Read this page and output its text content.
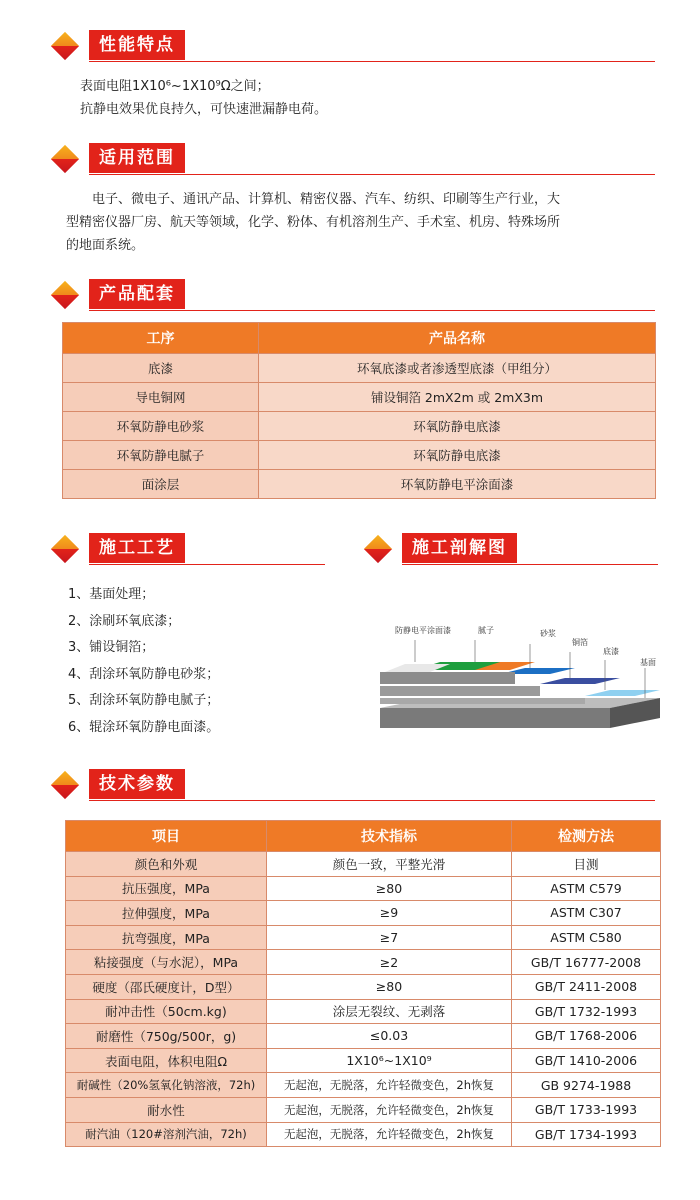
性能特点
表面电阻1X10⁶~1X10⁹Ω之间；
抗静电效果优良持久，可快速泄漏静电荷。
适用范围
电子、微电子、通讯产品、计算机、精密仪器、汽车、纺织、印刷等生产行业，大
型精密仪器厂房、航天等领域，化学、粉体、有机溶剂生产、手术室、机房、特殊场所
的地面系统。
产品配套
工序	产品名称
底漆	环氧底漆或者渗透型底漆（甲组分）
导电铜网	铺设铜箔 2mX2m 或 2mX3m
环氧防静电砂浆	环氧防静电底漆
环氧防静电腻子	环氧防静电底漆
面涂层	环氧防静电平涂面漆
施工工艺
1、基面处理；
2、涂刷环氧底漆；
3、铺设铜箔；
4、刮涂环氧防静电砂浆；
5、刮涂环氧防静电腻子；
6、辊涂环氧防静电面漆。
施工剖解图
防静电平涂面漆	腻子	砂浆
铜箔
底漆
基面
技术参数
项目	技术指标	检测方法
颜色和外观	颜色一致，平整光滑	目测
抗压强度，MPa	≥80	ASTM C579
拉伸强度，MPa	≥9	ASTM C307
抗弯强度，MPa	≥7	ASTM C580
粘接强度（与水泥），MPa	≥2	GB/T 16777-2008
硬度（邵氏硬度计，D型）	≥80	GB/T 2411-2008
耐冲击性（50cm.kg)	涂层无裂纹、无剥落	GB/T 1732-1993
耐磨性（750g/500r，g)	≤0.03	GB/T 1768-2006
表面电阻，体积电阻Ω	1X10⁶~1X10⁹	GB/T 1410-2006
耐碱性（20%氢氧化钠溶液，72h)	无起泡，无脱落，允许轻微变色，2h恢复	GB 9274-1988
耐水性	无起泡，无脱落，允许轻微变色，2h恢复	GB/T 1733-1993
耐汽油（120#溶剂汽油，72h)	无起泡，无脱落，允许轻微变色，2h恢复	GB/T 1734-1993
